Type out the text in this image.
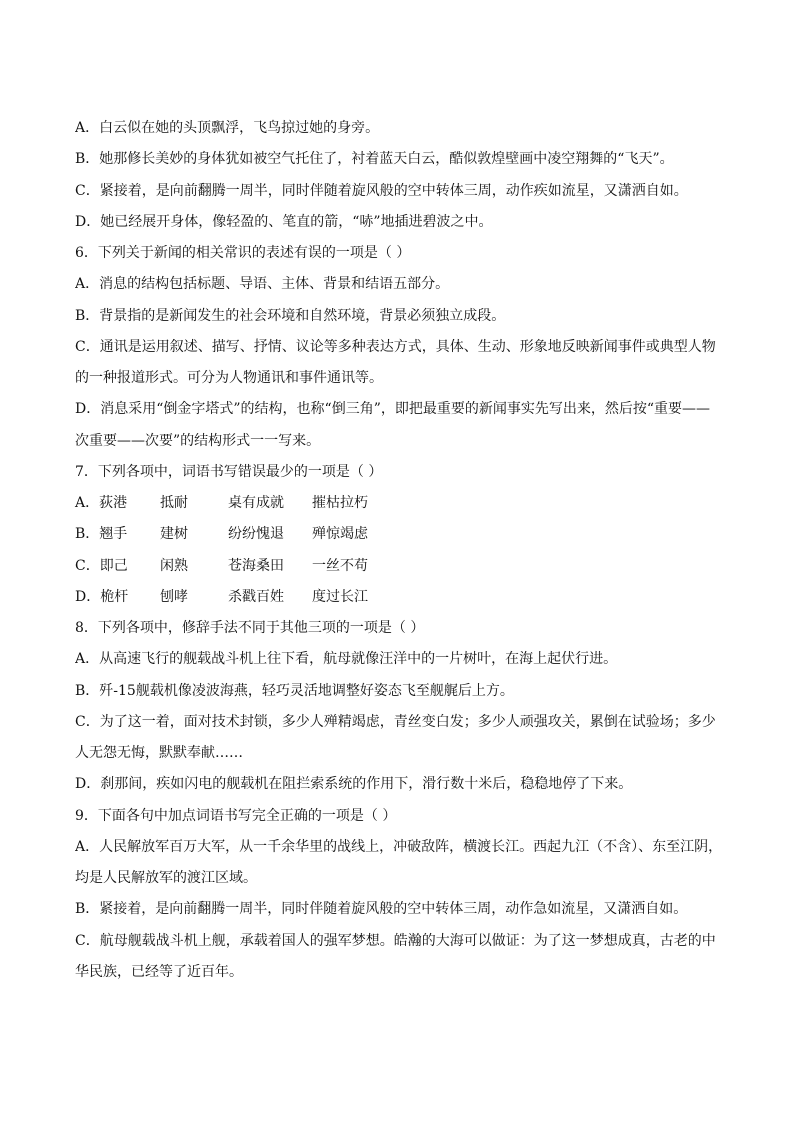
A．白云似在她的头顶飘浮，飞鸟掠过她的身旁。
B．她那修长美妙的身体犹如被空气托住了，衬着蓝天白云，酷似敦煌壁画中凌空翔舞的“飞天”。
C．紧接着，是向前翻腾一周半，同时伴随着旋风般的空中转体三周，动作疾如流星，又潇洒自如。
D．她已经展开身体，像轻盈的、笔直的箭，“哧”地插进碧波之中。
6．下列关于新闻的相关常识的表述有误的一项是（ ）
A．消息的结构包括标题、导语、主体、背景和结语五部分。
B．背景指的是新闻发生的社会环境和自然环境，背景必须独立成段。
C．通讯是运用叙述、描写、抒情、议论等多种表达方式，具体、生动、形象地反映新闻事件或典型人物
的一种报道形式。可分为人物通讯和事件通讯等。
D．消息采用“倒金字塔式”的结构，也称“倒三角”，即把最重要的新闻事实先写出来，然后按“重要——
次重要——次要”的结构形式一一写来。
7．下列各项中，词语书写错误最少的一项是（ ）
A．荻港 抵耐	桌有成就 摧枯拉朽
B．翘手 建树	纷纷愧退 殚惊竭虑
C．即己 闲熟	苍海桑田 一丝不苟
D．桅杆 刨哮	杀戳百姓 度过长江
8．下列各项中，修辞手法不同于其他三项的一项是（ ）
A．从高速飞行的舰载战斗机上往下看，航母就像汪洋中的一片树叶，在海上起伏行进。
B．歼-15舰载机像凌波海燕，轻巧灵活地调整好姿态飞至舰艉后上方。
C．为了这一着，面对技术封锁，多少人殚精竭虑，青丝变白发；多少人顽强攻关，累倒在试验场；多少
人无怨无悔，默默奉献……
D．刹那间，疾如闪电的舰载机在阻拦索系统的作用下，滑行数十米后，稳稳地停了下来。
9．下面各句中加点词语书写完全正确的一项是（ ）
A．人民解放军百万大军，从一千余华里的战线上，冲破敌阵，横渡长江。西起九江（不含）、东至江阴，
均是人民解放军的渡江区域。
B．紧接着，是向前翻腾一周半，同时伴随着旋风般的空中转体三周，动作急如流星，又潇洒自如。
C．航母舰载战斗机上舰，承载着国人的强军梦想。皓瀚的大海可以做证：为了这一梦想成真，古老的中
华民族，已经等了近百年。
